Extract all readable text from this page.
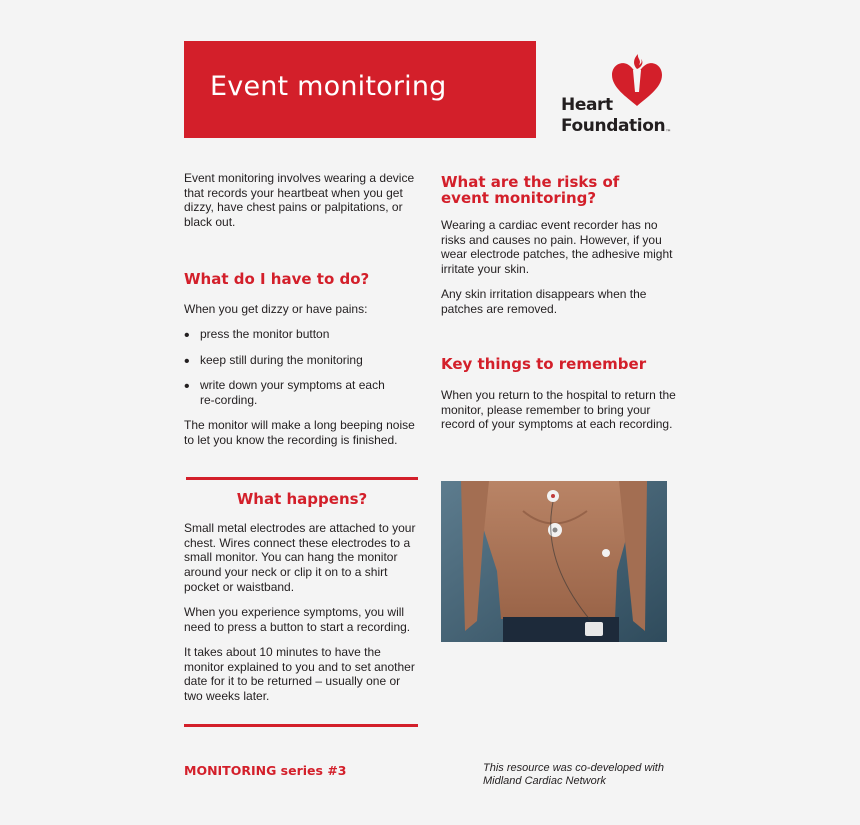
Event monitoring
Heart
Foundation™

Event monitoring involves wearing a device that records your heartbeat when you get dizzy, have chest pains or palpitations, or black out.

What do I have to do?

When you get dizzy or have pains:

• press the monitor button
• keep still during the monitoring
• write down your symptoms at each re-cording.

The monitor will make a long beeping noise to let you know the recording is finished.

What happens?

Small metal electrodes are attached to your chest. Wires connect these electrodes to a small monitor. You can hang the monitor around your neck or clip it on to a shirt pocket or waistband.

When you experience symptoms, you will need to press a button to start a recording.

It takes about 10 minutes to have the monitor explained to you and to set another date for it to be returned – usually one or two weeks later.

What are the risks of event monitoring?

Wearing a cardiac event recorder has no risks and causes no pain. However, if you wear electrode patches, the adhesive might irritate your skin.

Any skin irritation disappears when the patches are removed.

Key things to remember

When you return to the hospital to return the monitor, please remember to bring your record of your symptoms at each recording.

MONITORING series #3	This resource was co-developed with Midland Cardiac Network
